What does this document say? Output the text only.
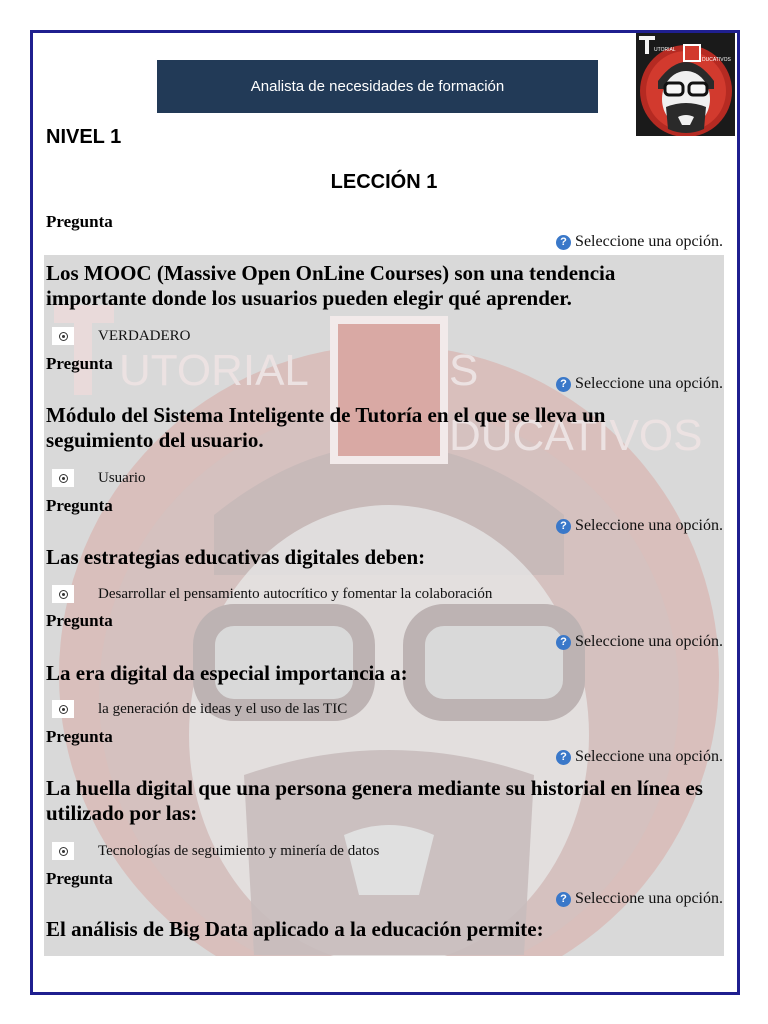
Analista de necesidades de formación
UTORIAL
DUCATIVOS
NIVEL 1
LECCIÓN 1
UTORIAL	S
DUCATIVOS
Pregunta
? Seleccione una opción.
Los MOOC (Massive Open OnLine Courses) son una tendencia importante donde los usuarios pueden elegir qué aprender.
VERDADERO
Pregunta
? Seleccione una opción.
Módulo del Sistema Inteligente de Tutoría en el que se lleva un seguimiento del usuario.
Usuario
Pregunta
? Seleccione una opción.
Las estrategias educativas digitales deben:
Desarrollar el pensamiento autocrítico y fomentar la colaboración
Pregunta
? Seleccione una opción.
La era digital da especial importancia a:
la generación de ideas y el uso de las TIC
Pregunta
? Seleccione una opción.
La huella digital que una persona genera mediante su historial en línea es utilizado por las:
Tecnologías de seguimiento y minería de datos
Pregunta
? Seleccione una opción.
El análisis de Big Data aplicado a la educación permite:
